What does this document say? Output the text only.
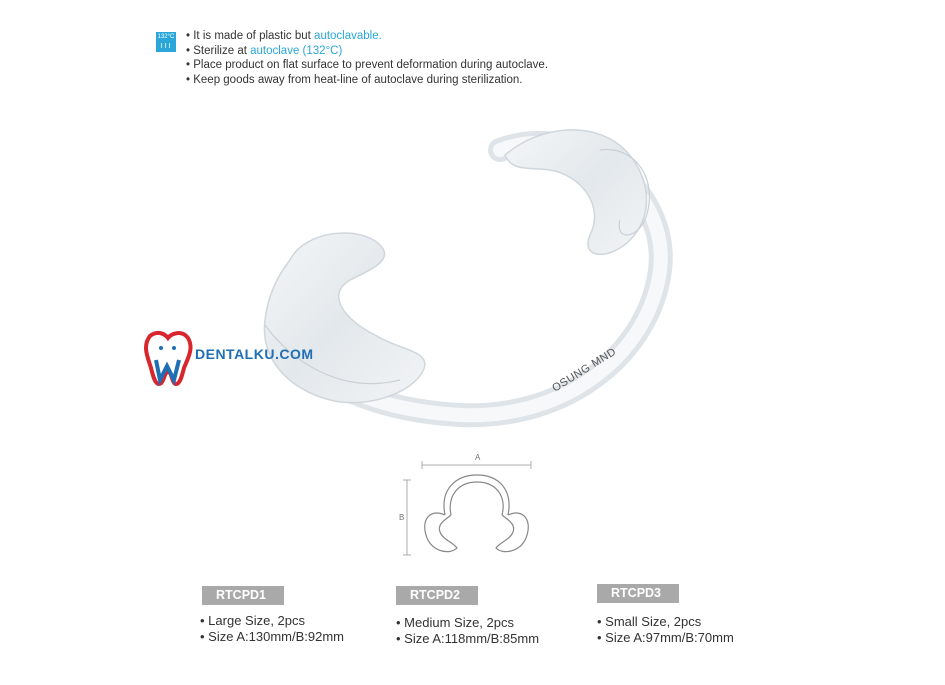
132°C
≀≀≀
• It is made of plastic but autoclavable.
• Sterilize at autoclave (132°C)
• Place product on flat surface to prevent deformation during autoclave.
• Keep goods away from heat-line of autoclave during sterilization.
OSUNG MND
DENTALKU.COM
A
B
RTCPD1
• Large Size, 2pcs
• Size A:130mm/B:92mm
RTCPD2
• Medium Size, 2pcs
• Size A:118mm/B:85mm
RTCPD3
• Small Size, 2pcs
• Size A:97mm/B:70mm
